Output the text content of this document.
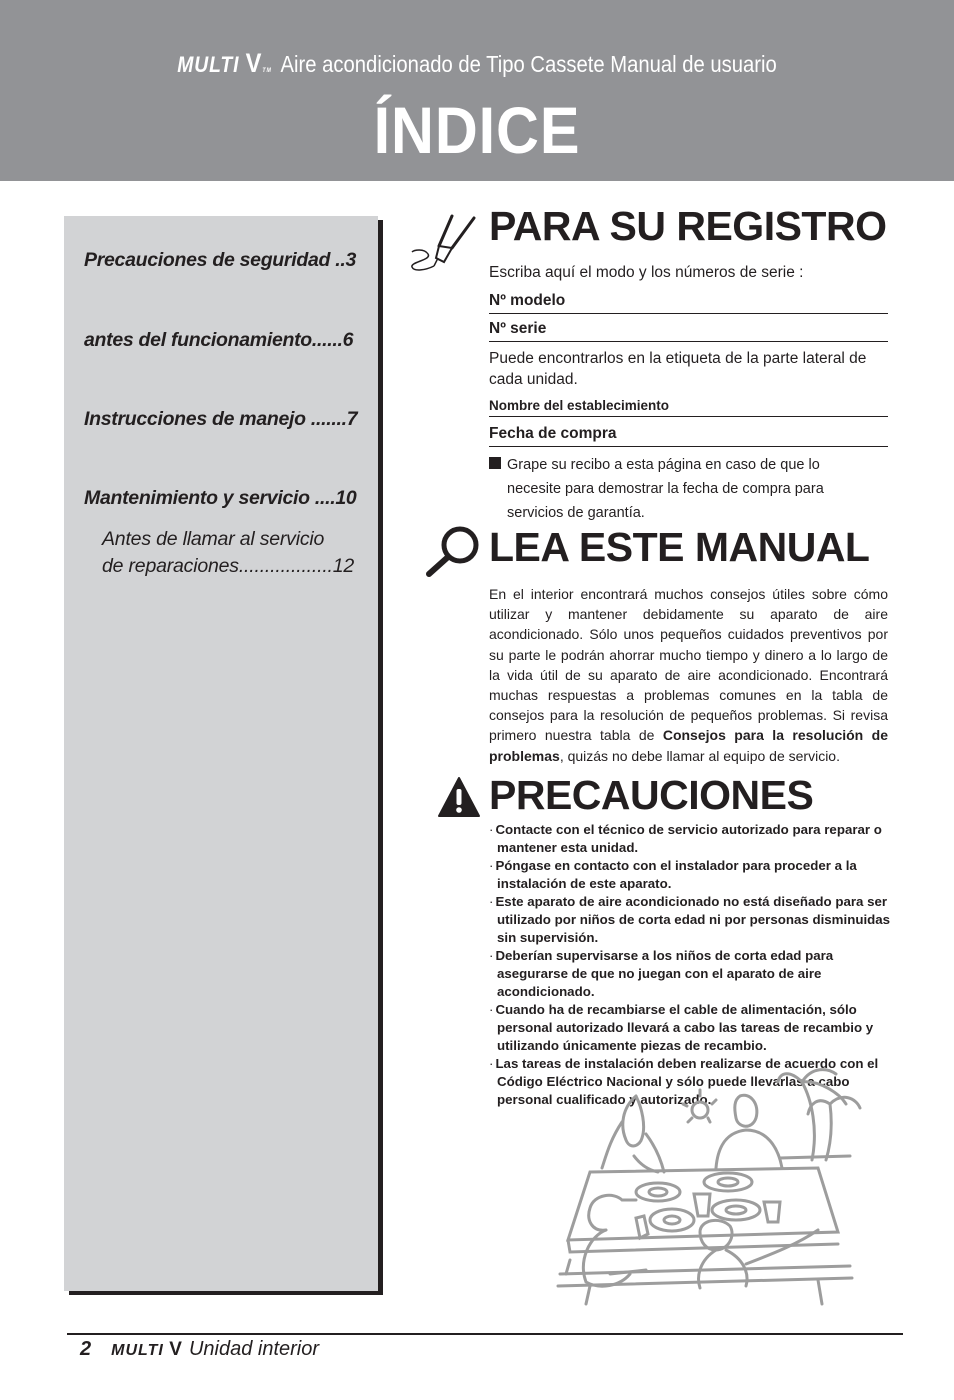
MULTI VTM Aire acondicionado de Tipo Cassete Manual de usuario
ÍNDICE
Precauciones de seguridad ..3
antes del funcionamiento......6
Instrucciones de manejo .......7
Mantenimiento y servicio ....10
Antes de llamar al servicio
de reparaciones..................12
PARA SU REGISTRO
Escriba aquí el modo y los números de serie :
Nº modelo
Nº serie
Puede encontrarlos en la etiqueta de la parte lateral de cada unidad.
Nombre del establecimiento
Fecha de compra
Grape su recibo a esta página en caso de que lo necesite para demostrar la fecha de compra para servicios de garantía.
LEA ESTE MANUAL
En el interior encontrará muchos consejos útiles sobre cómo utilizar y mantener debidamente su aparato de aire acondicionado. Sólo unos pequeños cuidados preventivos por su parte le podrán ahorrar mucho tiempo y dinero a lo largo de la vida útil de su aparato de aire acondicionado. Encontrará muchas respuestas a problemas comunes en la tabla de consejos para la resolución de pequeños problemas. Si revisa primero nuestra tabla de Consejos para la resolución de problemas, quizás no debe llamar al equipo de servicio.
PRECAUCIONES
· Contacte con el técnico de servicio autorizado para reparar o mantener esta unidad.
· Póngase en contacto con el instalador para proceder a la instalación de este aparato.
· Este aparato de aire acondicionado no está diseñado para ser utilizado por niños de corta edad ni por personas disminuidas sin supervisión.
· Deberían supervisarse a los niños de corta edad para asegurarse de que no juegan con el aparato de aire acondicionado.
· Cuando ha de recambiarse el cable de alimentación, sólo personal autorizado llevará a cabo las tareas de recambio y utilizando únicamente piezas de recambio.
· Las tareas de instalación deben realizarse de acuerdo con el Código Eléctrico Nacional y sólo puede llevarlas a cabo personal cualificado y autorizado.
2 MULTI V Unidad interior
